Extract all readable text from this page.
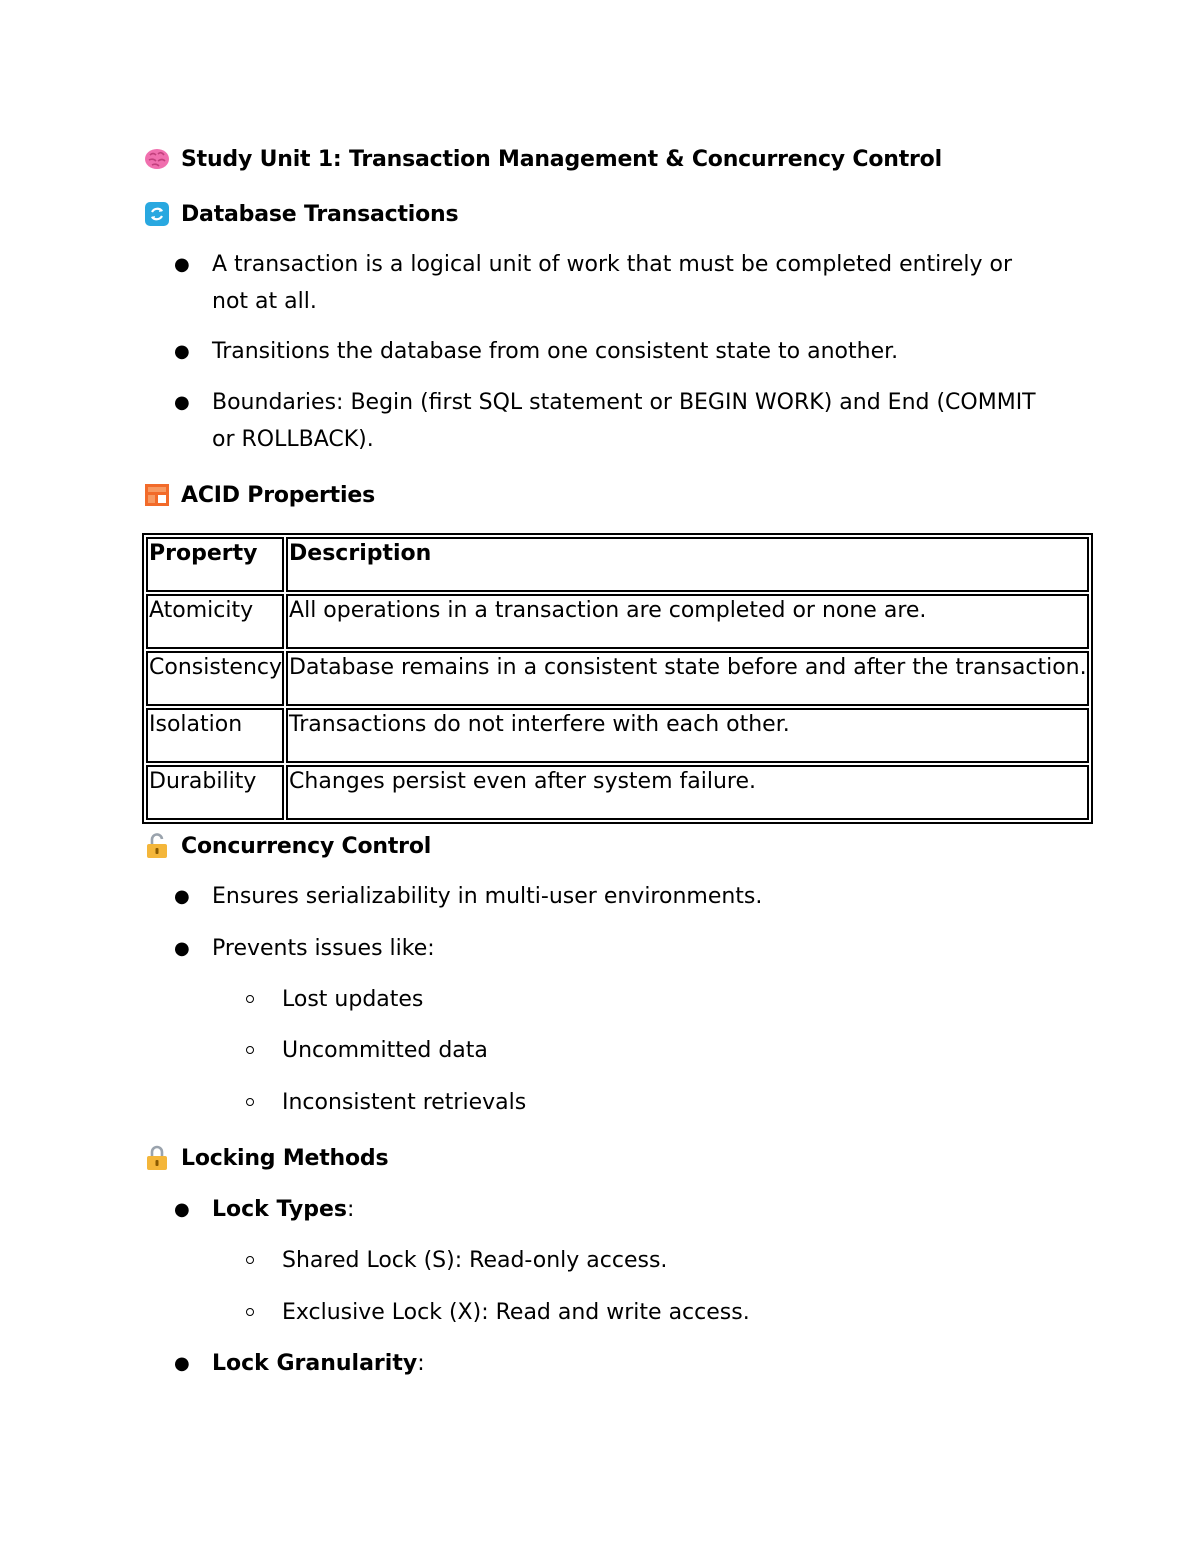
Study Unit 1: Transaction Management & Concurrency Control
Database Transactions
● A transaction is a logical unit of work that must be completed entirely or not at all.
● Transitions the database from one consistent state to another.
● Boundaries: Begin (first SQL statement or BEGIN WORK) and End (COMMIT or ROLLBACK).
ACID Properties
Property	Description
Atomicity	All operations in a transaction are completed or none are.
Consistency	Database remains in a consistent state before and after the transaction.
Isolation	Transactions do not interfere with each other.
Durability	Changes persist even after system failure.
Concurrency Control
● Ensures serializability in multi-user environments.
● Prevents issues like:
Lost updates
Uncommitted data
Inconsistent retrievals
Locking Methods
● Lock Types:
Shared Lock (S): Read-only access.
Exclusive Lock (X): Read and write access.
● Lock Granularity:
